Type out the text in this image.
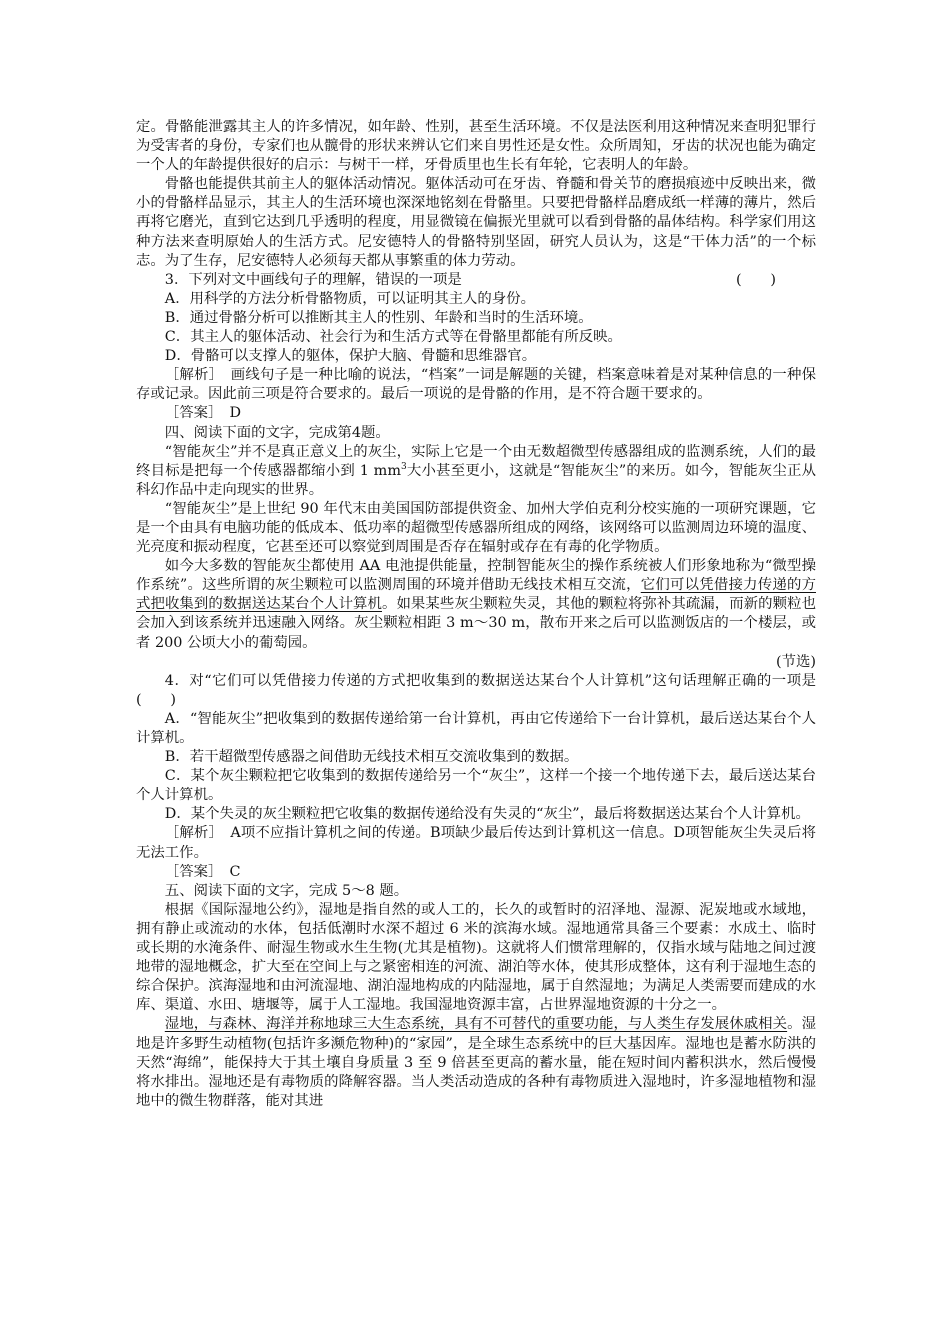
定。骨骼能泄露其主人的许多情况，如年龄、性别，甚至生活环境。不仅是法医利用这种情况来查明犯罪行为受害者的身份，专家们也从髋骨的形状来辨认它们来自男性还是女性。众所周知，牙齿的状况也能为确定一个人的年龄提供很好的启示：与树干一样，牙骨质里也生长有年轮，它表明人的年龄。

骨骼也能提供其前主人的躯体活动情况。躯体活动可在牙齿、脊髓和骨关节的磨损痕迹中反映出来，微小的骨骼样品显示，其主人的生活环境也深深地铭刻在骨骼里。只要把骨骼样品磨成纸一样薄的薄片，然后再将它磨光，直到它达到几乎透明的程度，用显微镜在偏振光里就可以看到骨骼的晶体结构。科学家们用这种方法来查明原始人的生活方式。尼安德特人的骨骼特别坚固，研究人员认为，这是“干体力活”的一个标志。为了生存，尼安德特人必须每天都从事繁重的体力劳动。

3．下列对文中画线句子的理解，错误的一项是	(　　)

A．用科学的方法分析骨骼物质，可以证明其主人的身份。

B．通过骨骼分析可以推断其主人的性别、年龄和当时的生活环境。

C．其主人的躯体活动、社会行为和生活方式等在骨骼里都能有所反映。

D．骨骼可以支撑人的躯体，保护大脑、骨髓和思维器官。

［解析］　画线句子是一种比喻的说法，“档案”一词是解题的关键，档案意味着是对某种信息的一种保存或记录。因此前三项是符合要求的。最后一项说的是骨骼的作用，是不符合题干要求的。

［答案］　D

四、阅读下面的文字，完成第4题。

“智能灰尘”并不是真正意义上的灰尘，实际上它是一个由无数超微型传感器组成的监测系统，人们的最终目标是把每一个传感器都缩小到 1 $mm^3$大小甚至更小，这就是“智能灰尘”的来历。如今，智能灰尘正从科幻作品中走向现实的世界。

“智能灰尘”是上世纪 90 年代末由美国国防部提供资金、加州大学伯克利分校实施的一项研究课题，它是一个由具有电脑功能的低成本、低功率的超微型传感器所组成的网络，该网络可以监测周边环境的温度、光亮度和振动程度，它甚至还可以察觉到周围是否存在辐射或存在有毒的化学物质。

如今大多数的智能灰尘都使用 AA 电池提供能量，控制智能灰尘的操作系统被人们形象地称为“微型操作系统”。这些所谓的灰尘颗粒可以监测周围的环境并借助无线技术相互交流，它们可以凭借接力传递的方式把收集到的数据送达某台个人计算机。如果某些灰尘颗粒失灵，其他的颗粒将弥补其疏漏，而新的颗粒也会加入到该系统并迅速融入网络。灰尘颗粒相距 3 m～30 m，散布开来之后可以监测饭店的一个楼层，或者 200 公顷大小的葡萄园。

(节选)

4．对“它们可以凭借接力传递的方式把收集到的数据送达某台个人计算机”这句话理解正确的一项是(　　)

A．“智能灰尘”把收集到的数据传递给第一台计算机，再由它传递给下一台计算机，最后送达某台个人计算机。

B．若干超微型传感器之间借助无线技术相互交流收集到的数据。

C．某个灰尘颗粒把它收集到的数据传递给另一个“灰尘”，这样一个接一个地传递下去，最后送达某台个人计算机。

D．某个失灵的灰尘颗粒把它收集的数据传递给没有失灵的“灰尘”，最后将数据送达某台个人计算机。

［解析］　A项不应指计算机之间的传递。B项缺少最后传达到计算机这一信息。D项智能灰尘失灵后将无法工作。

［答案］　C

五、阅读下面的文字，完成 5～8 题。

根据《国际湿地公约》，湿地是指自然的或人工的，长久的或暂时的沼泽地、湿源、泥炭地或水域地，拥有静止或流动的水体，包括低潮时水深不超过 6 米的滨海水域。湿地通常具备三个要素：水成土、临时或长期的水淹条件、耐湿生物或水生生物(尤其是植物)。这就将人们惯常理解的，仅指水域与陆地之间过渡地带的湿地概念，扩大至在空间上与之紧密相连的河流、湖泊等水体，使其形成整体，这有利于湿地生态的综合保护。滨海湿地和由河流湿地、湖泊湿地构成的内陆湿地，属于自然湿地；为满足人类需要而建成的水库、渠道、水田、塘堰等，属于人工湿地。我国湿地资源丰富，占世界湿地资源的十分之一。

湿地，与森林、海洋并称地球三大生态系统，具有不可替代的重要功能，与人类生存发展休戚相关。湿地是许多野生动植物(包括许多濒危物种)的“家园”，是全球生态系统中的巨大基因库。湿地也是蓄水防洪的天然“海绵”，能保持大于其土壤自身质量 3 至 9 倍甚至更高的蓄水量，能在短时间内蓄积洪水，然后慢慢将水排出。湿地还是有毒物质的降解容器。当人类活动造成的各种有毒物质进入湿地时，许多湿地植物和湿地中的微生物群落，能对其进
